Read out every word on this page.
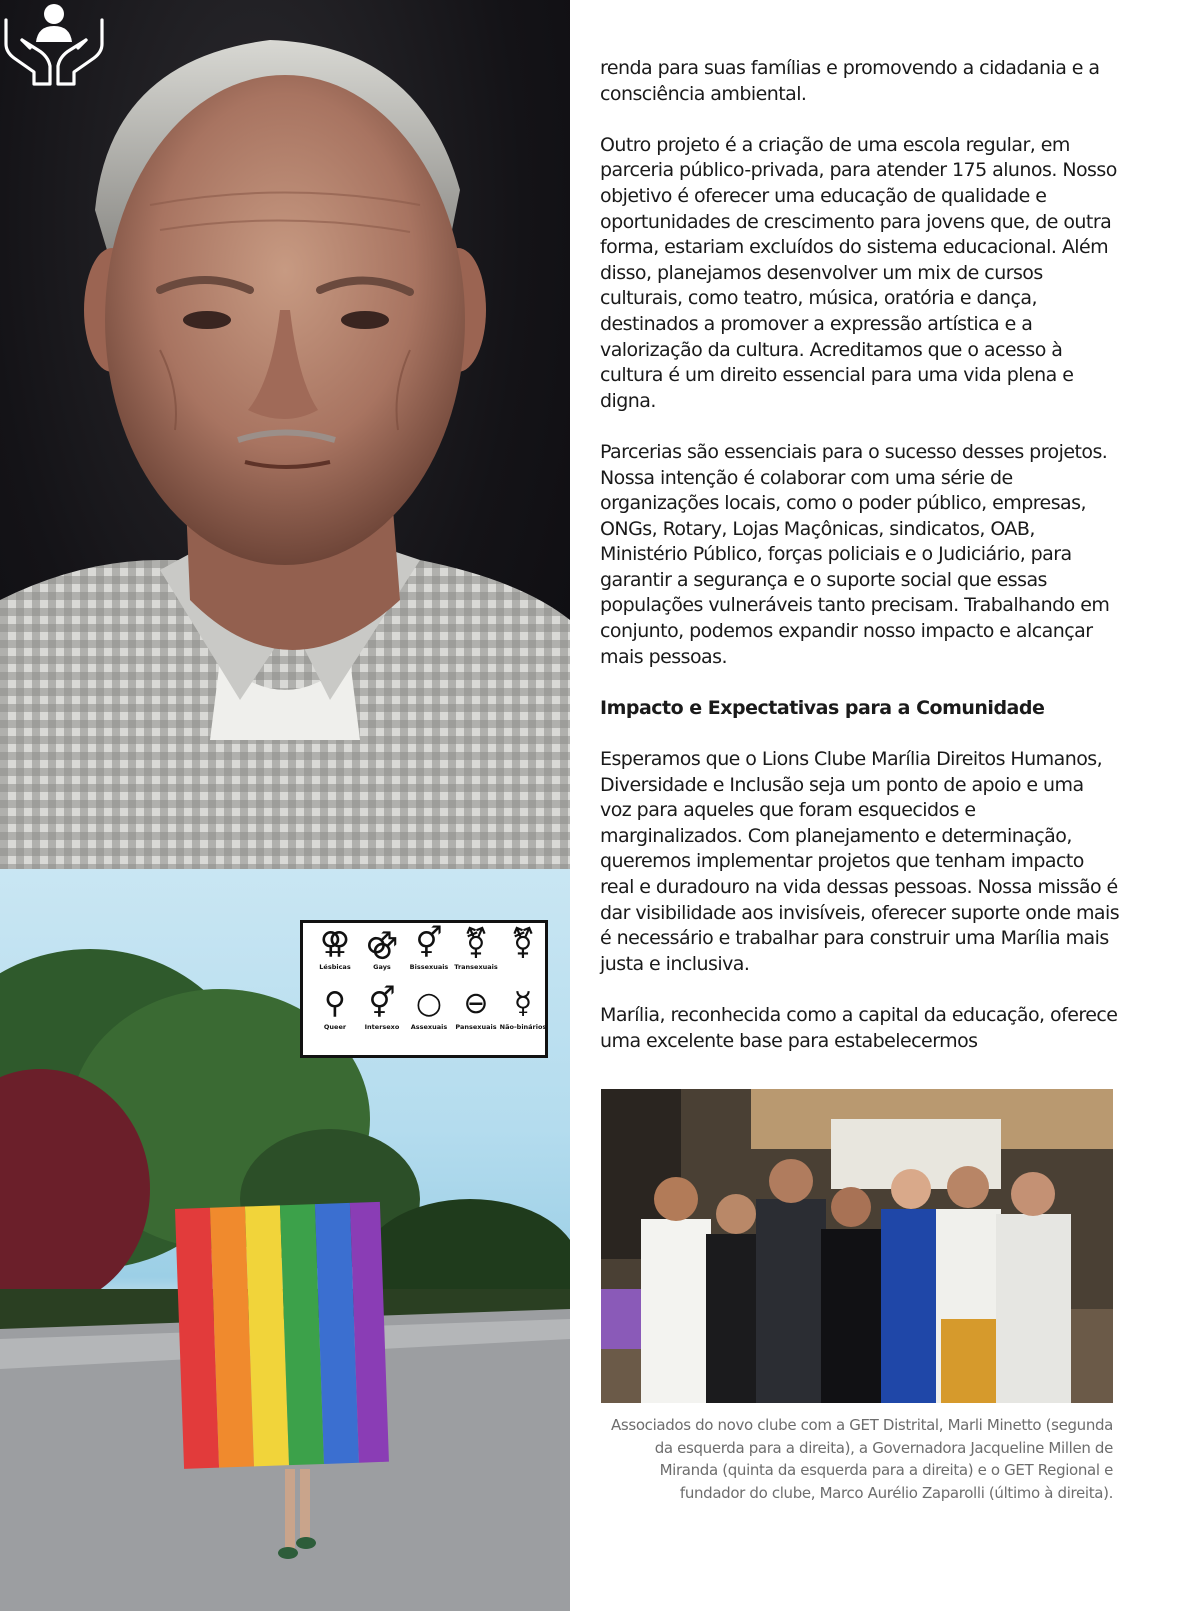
⚢
Lésbicas
⚣
Gays
⚥
Bissexuais
⚧
Transexuais
⚧
⚲
Queer
⚥
Intersexo
○
Assexuais
⊖
Pansexuais
☿
Não-binários

renda para suas famílias e promovendo a cidadania e a consciência ambiental.

Outro projeto é a criação de uma escola regular, em parceria público-privada, para atender 175 alunos. Nosso objetivo é oferecer uma educação de qualidade e oportunidades de crescimento para jovens que, de outra forma, estariam excluídos do sistema educacional. Além disso, planejamos desenvolver um mix de cursos culturais, como teatro, música, oratória e dança, destinados a promover a expressão artística e a valorização da cultura. Acreditamos que o acesso à cultura é um direito essencial para uma vida plena e digna.

Parcerias são essenciais para o sucesso desses projetos. Nossa intenção é colaborar com uma série de organizações locais, como o poder público, empresas, ONGs, Rotary, Lojas Maçônicas, sindicatos, OAB, Ministério Público, forças policiais e o Judiciário, para garantir a segurança e o suporte social que essas populações vulneráveis tanto precisam. Trabalhando em conjunto, podemos expandir nosso impacto e alcançar mais pessoas.

Impacto e Expectativas para a Comunidade

Esperamos que o Lions Clube Marília Direitos Humanos, Diversidade e Inclusão seja um ponto de apoio e uma voz para aqueles que foram esquecidos e marginalizados. Com planejamento e determinação, queremos implementar projetos que tenham impacto real e duradouro na vida dessas pessoas. Nossa missão é dar visibilidade aos invisíveis, oferecer suporte onde mais é necessário e trabalhar para construir uma Marília mais justa e inclusiva.

Marília, reconhecida como a capital da educação, oferece uma excelente base para estabelecermos

Associados do novo clube com a GET Distrital, Marli Minetto (segunda da esquerda para a direita), a Governadora Jacqueline Millen de Miranda (quinta da esquerda para a direita) e o GET Regional e fundador do clube, Marco Aurélio Zaparolli (último à direita).
